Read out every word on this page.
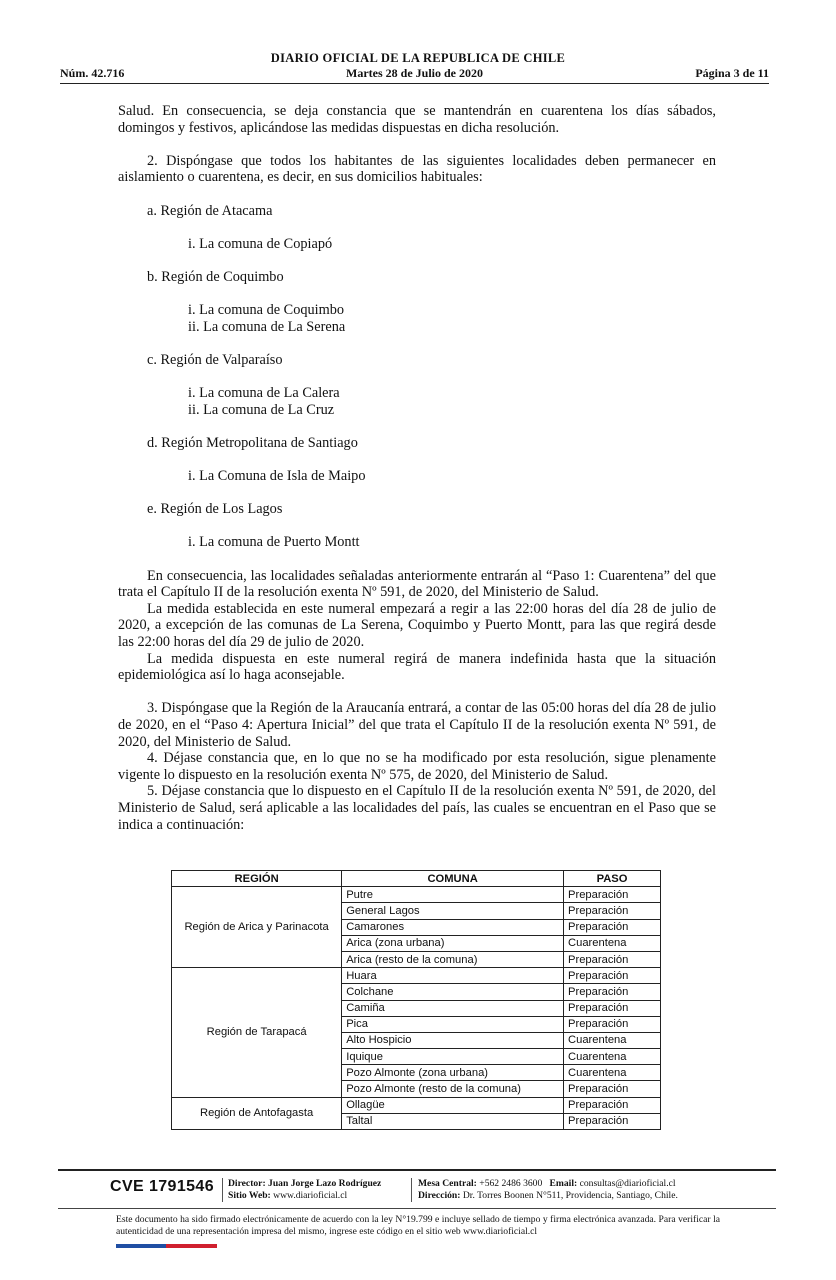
DIARIO OFICIAL DE LA REPUBLICA DE CHILE
Martes 28 de Julio de 2020
Núm. 42.716	Página 3 de 11

Salud. En consecuencia, se deja constancia que se mantendrán en cuarentena los días sábados, domingos y festivos, aplicándose las medidas dispuestas en dicha resolución.

2. Dispóngase que todos los habitantes de las siguientes localidades deben permanecer en aislamiento o cuarentena, es decir, en sus domicilios habituales:

a. Región de Atacama

i. La comuna de Copiapó

b. Región de Coquimbo

i. La comuna de Coquimbo

ii. La comuna de La Serena

c. Región de Valparaíso

i. La comuna de La Calera

ii. La comuna de La Cruz

d. Región Metropolitana de Santiago

i. La Comuna de Isla de Maipo

e. Región de Los Lagos

i. La comuna de Puerto Montt

En consecuencia, las localidades señaladas anteriormente entrarán al “Paso 1: Cuarentena” del que trata el Capítulo II de la resolución exenta Nº 591, de 2020, del Ministerio de Salud.

La medida establecida en este numeral empezará a regir a las 22:00 horas del día 28 de julio de 2020, a excepción de las comunas de La Serena, Coquimbo y Puerto Montt, para las que regirá desde las 22:00 horas del día 29 de julio de 2020.

La medida dispuesta en este numeral regirá de manera indefinida hasta que la situación epidemiológica así lo haga aconsejable.

3. Dispóngase que la Región de la Araucanía entrará, a contar de las 05:00 horas del día 28 de julio de 2020, en el “Paso 4: Apertura Inicial” del que trata el Capítulo II de la resolución exenta Nº 591, de 2020, del Ministerio de Salud.

4. Déjase constancia que, en lo que no se ha modificado por esta resolución, sigue plenamente vigente lo dispuesto en la resolución exenta Nº 575, de 2020, del Ministerio de Salud.

5. Déjase constancia que lo dispuesto en el Capítulo II de la resolución exenta Nº 591, de 2020, del Ministerio de Salud, será aplicable a las localidades del país, las cuales se encuentran en el Paso que se indica a continuación:

REGIÓN	COMUNA	PASO
Región de Arica y Parinacota	Putre	Preparación
	General Lagos	Preparación
	Camarones	Preparación
	Arica (zona urbana)	Cuarentena
	Arica (resto de la comuna)	Preparación
Región de Tarapacá	Huara	Preparación
	Colchane	Preparación
	Camiña	Preparación
	Pica	Preparación
	Alto Hospicio	Cuarentena
	Iquique	Cuarentena
	Pozo Almonte (zona urbana)	Cuarentena
	Pozo Almonte (resto de la comuna)	Preparación
Región de Antofagasta	Ollagüe	Preparación
	Taltal	Preparación
CVE 1791546 Director: Juan Jorge Lazo Rodríguez
Sitio Web: www.diarioficial.cl
Mesa Central: +562 2486 3600 Email: consultas@diarioficial.cl
Dirección: Dr. Torres Boonen N°511, Providencia, Santiago, Chile.
Este documento ha sido firmado electrónicamente de acuerdo con la ley N°19.799 e incluye sellado de tiempo y firma electrónica avanzada. Para verificar la autenticidad de una representación impresa del mismo, ingrese este código en el sitio web www.diarioficial.cl
